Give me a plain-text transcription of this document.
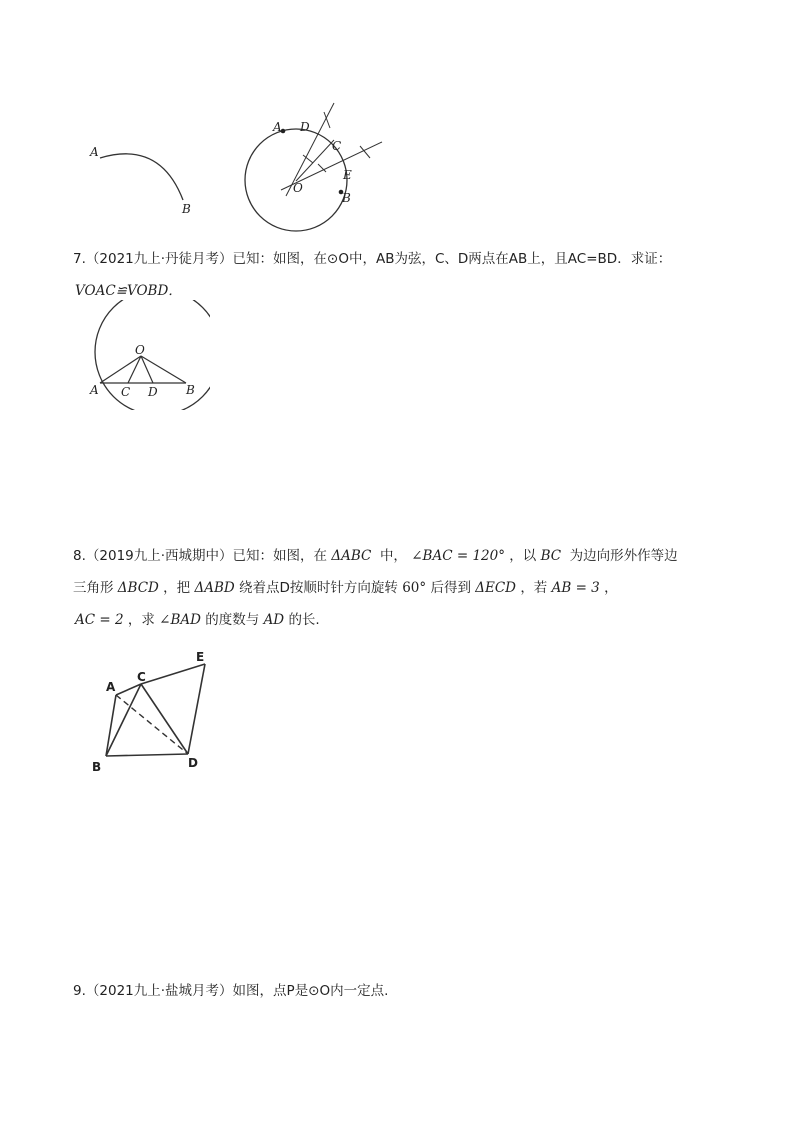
A
B
A D
C
E
O
B
7.（2021九上·丹徒月考）已知：如图，在⊙O中，AB为弦，C、D两点在AB上，且AC=BD．求证：
VOAC≌VOBD．
O
A C D B
8.（2019九上·西城期中）已知：如图，在 ΔABC 中， ∠BAC = 120° ，以 BC 为边向形外作等边
三角形 ΔBCD ，把 ΔABD 绕着点D按顺时针方向旋转 60° 后得到 ΔECD ，若 AB = 3 ，
AC = 2 ，求 ∠BAD 的度数与 AD 的长.
A
C
E
B	D
9.（2021九上·盐城月考）如图，点P是⊙O内一定点.
